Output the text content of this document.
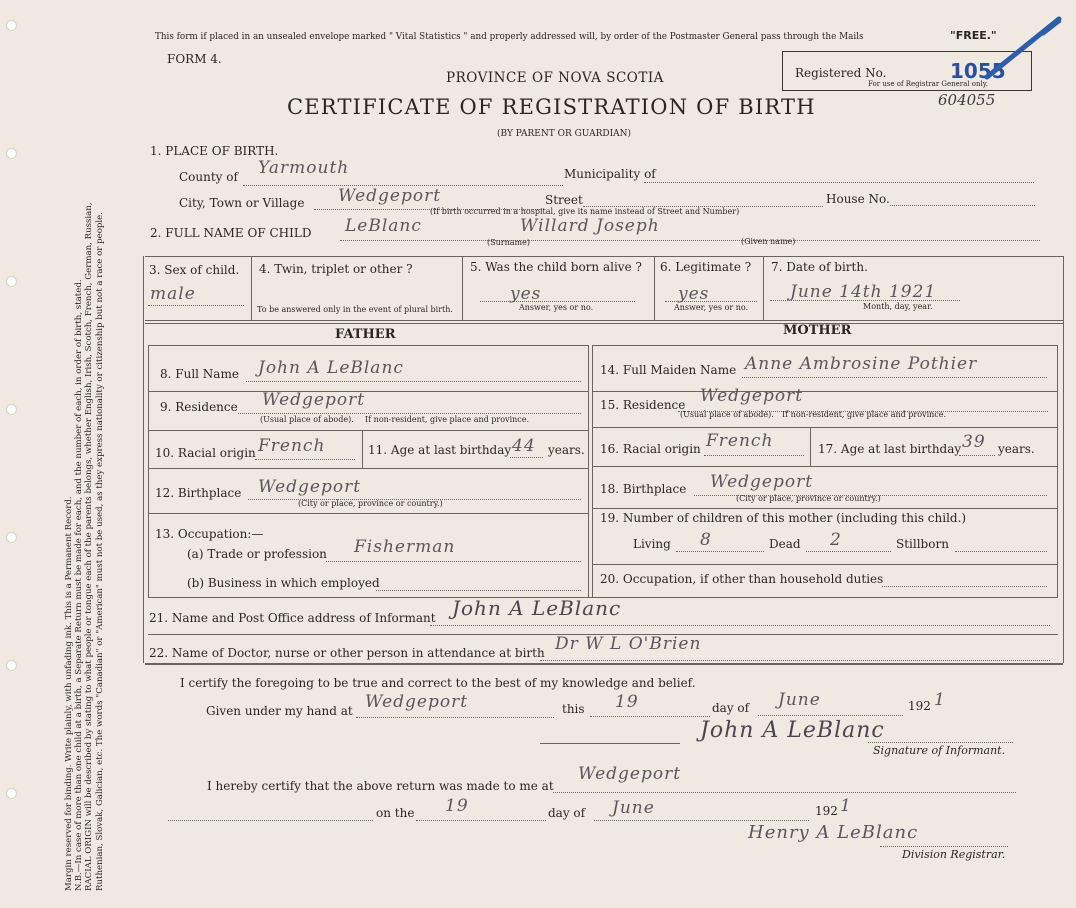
Margin reserved for binding. Write plainly, with unfading ink. This is a Permanent Record. N.B.—In case of more than one child at a birth, a Separate Return must be made for each, and the number of each, in order of birth, stated. RACIAL ORIGIN will be described by stating to what people or tongue each of the parents belongs, whether English, Irish, Scotch, French, German, Russian, Ruthenian, Slovak, Galician, etc. The words "Canadian" or "American" must not be used, as they express nationality or citizenship but not a race or people.
This form if placed in an unsealed envelope marked " Vital Statistics " and properly addressed will, by order of the Postmaster General pass through the Mails	"FREE."
FORM 4.
PROVINCE OF NOVA SCOTIA
CERTIFICATE OF REGISTRATION OF BIRTH
(BY PARENT OR GUARDIAN)
Registered No.	1055
For use of Registrar General only.
604055
1. PLACE OF BIRTH.
County of Yarmouth	Municipality of
City, Town or Village Wedgeport	Street	House No.
(If birth occurred in a hospital, give its name instead of Street and Number)
2. FULL NAME OF CHILD LeBlanc	Willard Joseph
(Surname)	(Given name)
3. Sex of child.
male
4. Twin, triplet or other ?
To be answered only in the event of plural birth.
5. Was the child born alive ?
yes
Answer, yes or no.
6. Legitimate ?
yes
Answer, yes or no.
7. Date of birth.
June 14th 1921
Month, day, year.
FATHER	MOTHER
8. Full Name John A LeBlanc
9. Residence Wedgeport
(Usual place of abode). If non-resident, give place and province.
10. Racial origin French	11. Age at last birthday 44 years.
12. Birthplace Wedgeport
(City or place, province or country.)
13. Occupation:—
(a) Trade or profession Fisherman
(b) Business in which employed
14. Full Maiden Name Anne Ambrosine Pothier
15. Residence Wedgeport
(Usual place of abode). If non-resident, give place and province.
16. Racial origin French	17. Age at last birthday 39 years.
18. Birthplace Wedgeport
(City or place, province or country.)
19. Number of children of this mother (including this child.)
Living 8	Dead 2	Stillborn
20. Occupation, if other than household duties
21. Name and Post Office address of Informant John A LeBlanc
22. Name of Doctor, nurse or other person in attendance at birth Dr W L O'Brien
I certify the foregoing to be true and correct to the best of my knowledge and belief.
Given under my hand at Wedgeport	this 19	day of June	192 1
John A LeBlanc
Signature of Informant.
I hereby certify that the above return was made to me at
Wedgeport
on the 19	day of June	192 1
Henry A LeBlanc
Division Registrar.
